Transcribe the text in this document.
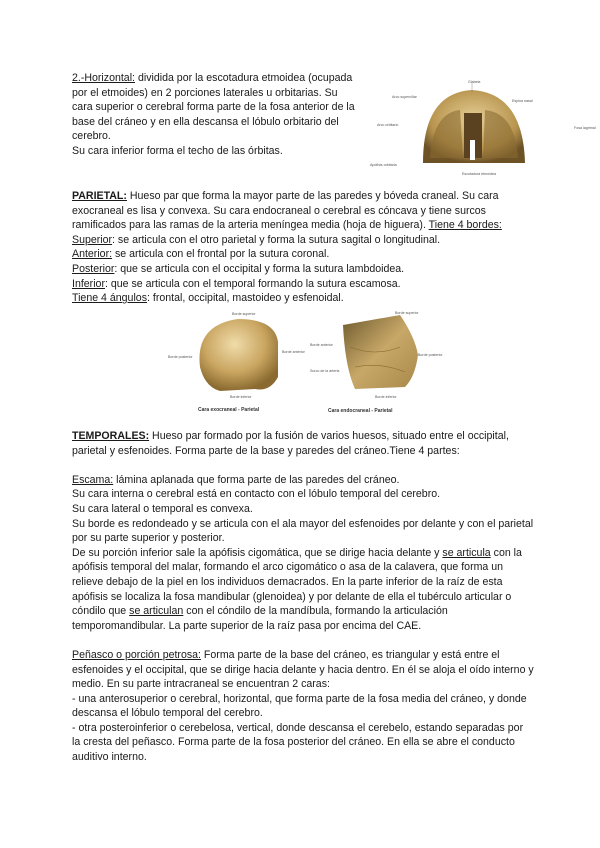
2.-Horizontal: dividida por la escotadura etmoidea (ocupada por el etmoides) en 2 porciones laterales u orbitarias. Su cara superior o cerebral forma parte de la fosa anterior de la base del cráneo y en ella descansa el lóbulo orbitario del cerebro.

Su cara inferior forma el techo de las órbitas.

Glabela
Arco superciliar
Arco orbitario
Apófisis orbitaria
Fosa lagrimal
Escotadura etmoidea
Espina nasal

PARIETAL: Hueso par que forma la mayor parte de las paredes y bóveda craneal. Su cara exocraneal es lisa y convexa. Su cara endocraneal o cerebral es cóncava y tiene surcos ramificados para las ramas de la arteria meníngea media (hoja de higuera). Tiene 4 bordes:

Superior: se articula con el otro parietal y forma la sutura sagital o longitudinal.

Anterior: se articula con el frontal por la sutura coronal.

Posterior: que se articula con el occipital y forma la sutura lambdoidea.

Inferior: que se articula con el temporal formando la sutura escamosa.

Tiene 4 ángulos: frontal, occipital, mastoideo y esfenoidal.

Borde superior
Borde posterior
Borde anterior
Borde inferior
Cara exocraneal - Parietal
Borde superior
Borde anterior
Borde posterior
Surco de la arteria
Borde inferior
Cara endocraneal - Parietal

TEMPORALES: Hueso par formado por la fusión de varios huesos, situado entre el occipital, parietal y esfenoides. Forma parte de la base y paredes del cráneo.Tiene 4 partes:

Escama: lámina aplanada que forma parte de las paredes del cráneo.

Su cara interna o cerebral está en contacto con el lóbulo temporal del cerebro.

Su cara lateral o temporal es convexa.

Su borde es redondeado y se articula con el ala mayor del esfenoides por delante y con el parietal por su parte superior y posterior.

De su porción inferior sale la apófisis cigomática, que se dirige hacia delante y se articula con la apófisis temporal del malar, formando el arco cigomático o asa de la calavera, que forma un relieve debajo de la piel en los individuos demacrados. En la parte inferior de la raíz de esta apófisis se localiza la fosa mandibular (glenoidea) y por delante de ella el tubérculo articular o cóndilo que se articulan con el cóndilo de la mandíbula, formando la articulación temporomandibular. La parte superior de la raíz pasa por encima del CAE.

Peñasco o porción petrosa: Forma parte de la base del cráneo, es triangular y está entre el esfenoides y el occipital, que se dirige hacia delante y hacia dentro. En él se aloja el oído interno y medio. En su parte intracraneal se encuentran 2 caras:

- una anterosuperior o cerebral, horizontal, que forma parte de la fosa media del cráneo, y donde descansa el lóbulo temporal del cerebro.

- otra posteroinferior o cerebelosa, vertical, donde descansa el cerebelo, estando separadas por la cresta del peñasco. Forma parte de la fosa posterior del cráneo. En ella se abre el conducto auditivo interno.
